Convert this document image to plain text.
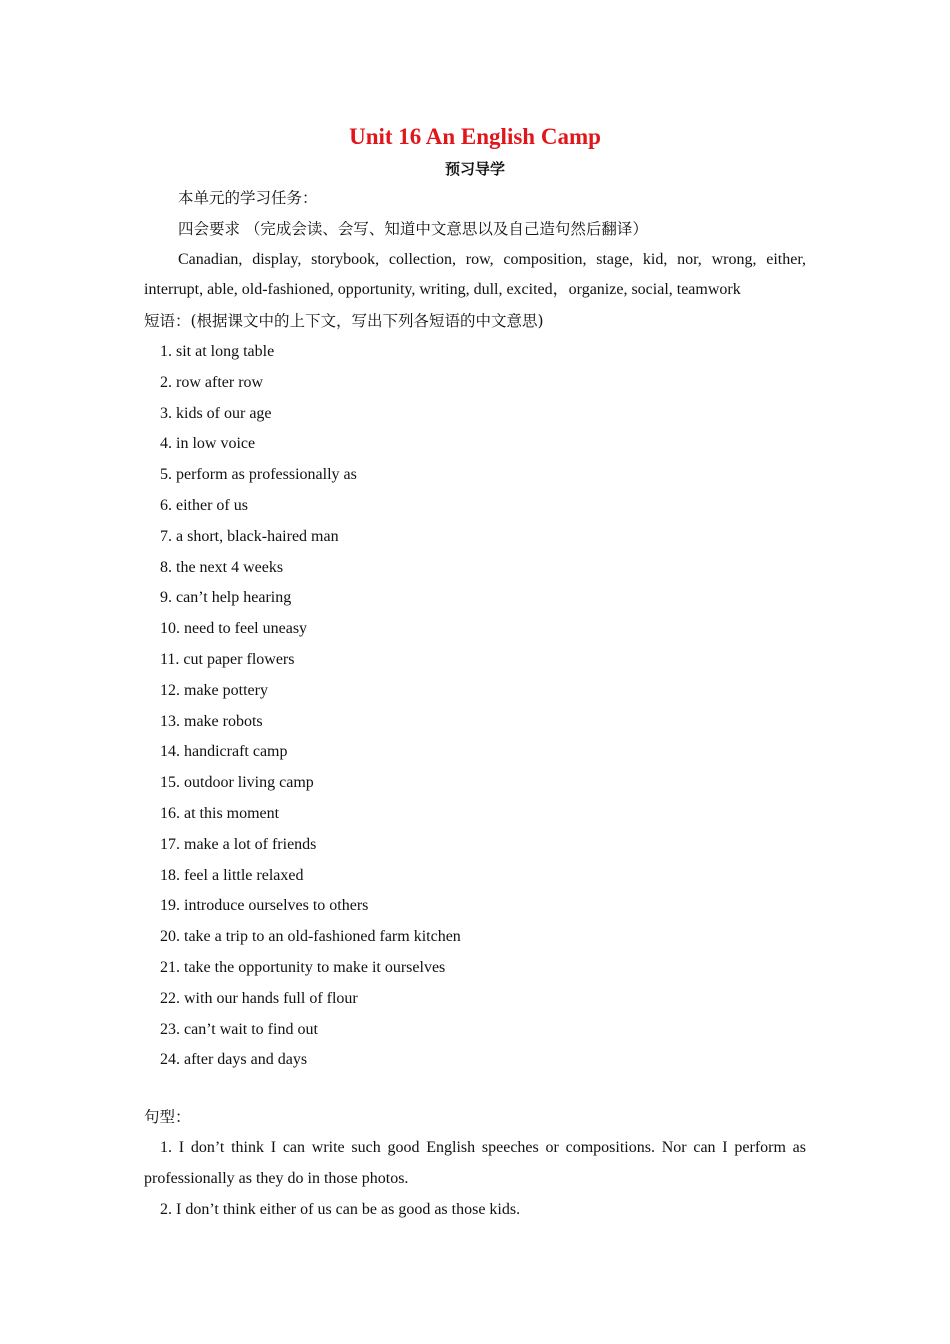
Unit 16 An English Camp
预习导学

本单元的学习任务：

四会要求 （完成会读、会写、知道中文意思以及自己造句然后翻译）

Canadian, display, storybook, collection, row, composition, stage, kid, nor, wrong, either, interrupt, able, old-fashioned, opportunity, writing, dull, excited，organize, social, teamwork

短语：(根据课文中的上下文，写出下列各短语的中文意思)

1. sit at long table

2. row after row

3. kids of our age

4. in low voice

5. perform as professionally as

6. either of us

7. a short, black-haired man

8. the next 4 weeks

9. can’t help hearing

10. need to feel uneasy

11. cut paper flowers

12. make pottery

13. make robots

14. handicraft camp

15. outdoor living camp

16. at this moment

17. make a lot of friends

18. feel a little relaxed

19. introduce ourselves to others

20. take a trip to an old-fashioned farm kitchen

21. take the opportunity to make it ourselves

22. with our hands full of flour

23. can’t wait to find out

24. after days and days

句型：

1. I don’t think I can write such good English speeches or compositions. Nor can I perform as professionally as they do in those photos.

2. I don’t think either of us can be as good as those kids.
